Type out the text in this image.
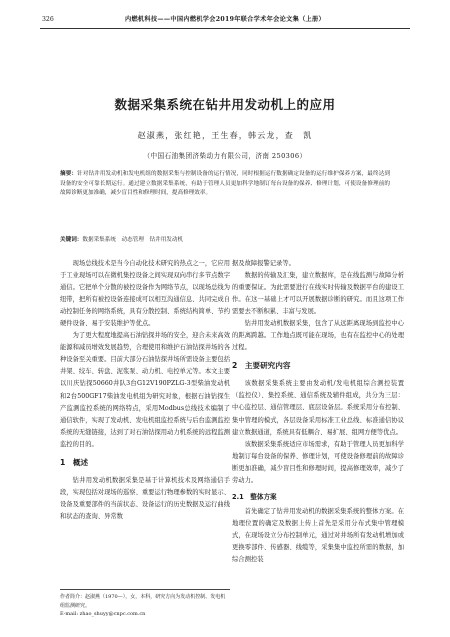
326	内燃机科技——中国内燃机学会2019年联合学术年会论文集（上册）
数据采集系统在钻井用发动机上的应用
赵淑燕，张红艳，王生春，韩云龙，查　凯
（中国石油集团济柴动力有限公司，济南 250306）
摘要：针对钻井用发动机和发电机组的数据采集与控制设备的运行情况，同时根据运行数据确定设备的运行维护保养方案，最终达到设备的安全可靠长期运行。通过建立数据采集系统，有助于管理人员更加科学地制订每台设备的保养、修理计划，可使设备修理前的故障诊断更加准确，减少盲目性和修理时间，提高修理效率。
关键词：数据采集系统　动态管理　钻井用发动机

现场总线技术是当今自动化技术研究的热点之一，它应用于工业现场可以在微机集控设备之间实现双向串行多节点数字通信。它把单个分散的被控设备作为网络节点，以现场总线为纽带，把所有被控设备连接成可以相互沟通信息、共同完成自动控制任务的网络系统，具有分散控制、系统结构简单、节约硬件设备、易于安装维护等优点。

为了更大程度地提高石油钻探井场的安全，迎合未来高效能源和减员增效发展趋势，合理使用和维护石油钻探井场的各种设备至关重要。目前大部分石油钻探井场所需设备主要包括井架、绞车、转盘、泥浆泵、动力机、电控单元等。本文主要以川庆钻探50660井队3台G12V190PZLG-3型柴油发动机和2台500GF17柴油发电机组为研究对象，根据石油钻探生产监测监控系统的网络特点，采用Modbus总线技术编制了通信软件，实现了发动机、发电机组监控系统与后台监测监控系统的无缝链接，达到了对石油钻探用动力机系统的远程监测监控的目的。

1　概述

钻井用发动机数据采集是基于计算机技术及网络通信手段，实现包括对现场的巡察、重要运行物理参数的实时显示、设备及重要部件的当前状态、设备运行的历史数据及运行曲线和状态的查询、异常数

据及故障报警记录等。

数据的传输及汇集，建立数据库，是在线监测与故障分析的重要保证。为此需要进行在线实时传输及数据平台的建设工作。在这一基础上才可以开展数据诊断的研究。而且这项工作需要去不断积累、丰富与发展。

钻井用发动机数据采集，包含了从远距离现场到监控中心的距离跨越。工作地点既可能在现场，也有在监控中心的处理过程。

2　主要研究内容

该数据采集系统主要由发动机/发电机组综合测控装置（监控仪）、集控系统、通信系统及辅件组成，共分为三层：中心监控层、通信管理层、底层设备层。系统采用分布控制、集中管理的模式，各层设备采用标准工业总线、标准通信协议建立数据通道，系统具有低耦合、易扩展、组网方便等优点。

该数据采集系统适应市场需求，有助于管理人员更加科学地制订每台设备的保养、修理计划，可使设备修理前的故障诊断更加准确，减少盲目性和修理时间，提高修理效率，减少了劳动力。

2.1　整体方案

首先确定了钻井用发动机的数据采集系统的整体方案。在地理位置的确定及数据上传上首先是采用分布式集中管理模式，在现场设立分布控制单元，通过对井场所有发动机增加或更换零部件、传感器、线缆等，采集集中监控所需的数据，加综合测控装

作者简介：赵淑燕（1970—），女，本科，研究方向为发动机控制、发电机组监测研究。
E-mail: zhao_shuyy@cnpc.com.cn
